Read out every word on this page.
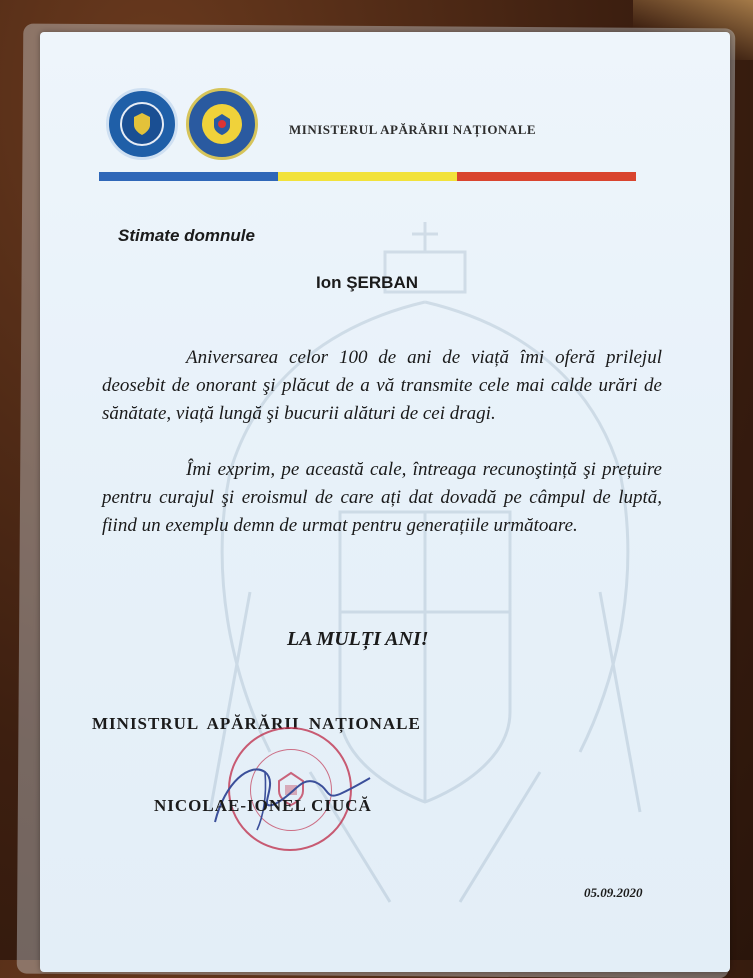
MINISTERUL APĂRĂRII NAȚIONALE
Stimate domnule
Ion ŞERBAN
Aniversarea celor 100 de ani de viață îmi oferă prilejul deosebit de onorant şi plăcut de a vă transmite cele mai calde urări de sănătate, viață lungă şi bucurii alături de cei dragi.
Îmi exprim, pe această cale, întreaga recunoştință şi prețuire pentru curajul şi eroismul de care ați dat dovadă pe câmpul de luptă, fiind un exemplu demn de urmat pentru generațiile următoare.
LA MULȚI ANI!
MINISTRUL APĂRĂRII NAȚIONALE
NICOLAE-IONEL CIUCĂ
05.09.2020
